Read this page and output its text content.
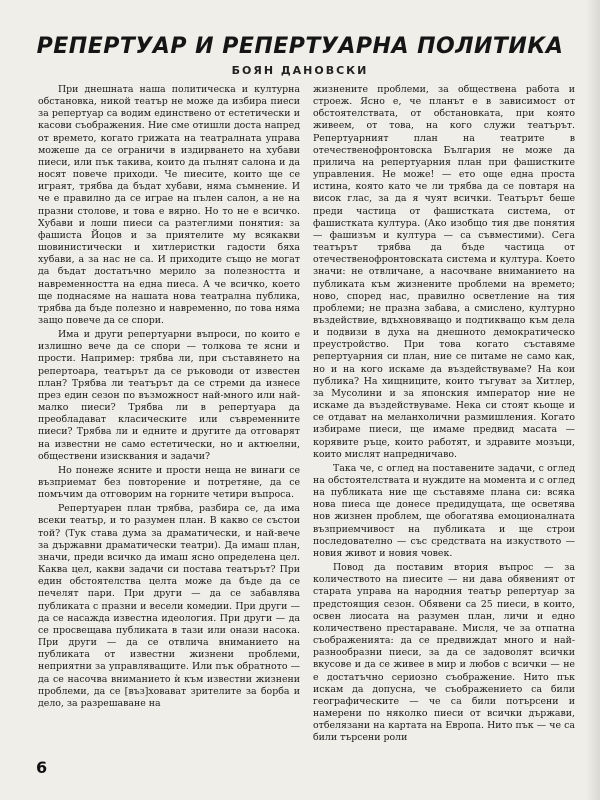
РЕПЕРТУАР И РЕПЕРТУАРНА ПОЛИТИКА
БОЯН ДАНОВСКИ

При днешната наша политическа и културна обстановка, никой театър не може да избира пиеси за репертуар са водим единствено от естетически и касови съображения. Ние сме отишли доста напред от времето, когато грижата на театралната управа можеше да се ограничи в издирването на хубави пиеси, или пък такива, които да пълнят салона и да носят повече приходи. Че пиесите, които ще се играят, трябва да бъдат хубави, няма съмнение. И че е правилно да се играе на пълен салон, а не на празни столове, и това е вярно. Но то не е всичко. Хубави и лоши пиеси са разтеглими понятия: за фашиста Йоцов и за приятелите му всякакви шовинистически и хитлеристки гадости бяха хубави, а за нас не са. И приходите също не могат да бъдат достатъчно мерило за полезността и навременността на една пиеса. А че всичко, което ще поднасяме на нашата нова театрална публика, трябва да бъде полезно и навременно, по това няма защо повече да се спори.

Има и други репертуарни въпроси, по които е излишно вече да се спори — толкова те ясни и прости. Например: трябва ли, при съставянето на репертоара, театърът да се ръководи от известен план? Трябва ли театърът да се стреми да изнесе през един сезон по възможност най-много или най-малко пиеси? Трябва ли в репертуара да преобладават класическите или съвременните пиеси? Трябва ли и едните и другите да отговарят на известни не само естетически, но и актюелни, обществени изисквания и задачи?

Но понеже ясните и прости неща не винаги се възприемат без повторение и потретяне, да се помъчим да отговорим на горните четири въпроса.

Репертуарен план трябва, разбира се, да има всеки театър, и то разумен план. В какво се състои той? (Тук става дума за драматически, и най-вече за държавни драматически театри). Да имаш план, значи, преди всичко да имаш ясно определена цел. Каква цел, какви задачи си постава театърът? При един обстоятелства целта може да бъде да се печелят пари. При други — да се забавлява публиката с празни и весели комедии. При други — да се насажда известна идеология. При други — да се просвещава публиката в тази или онази насока. При други — да се отвлича вниманието на публиката от известни жизнени проблеми, неприятни за управляващите. Или пък обратното — да се насочва вниманието ѝ към известни жизнени проблеми, да се [въз]ховават зрителите за борба и дело, за разрешаване на

жизнените проблеми, за обществена работа и строеж. Ясно е, че планът е в зависимост от обстоятелствата, от обстановката, при която живеем, от това, на кого служи театърът. Репертуарният план на театрите в отечественофронтовска България не може да прилича на репертуарния план при фашистките управления. Не може! — ето още една проста истина, която като че ли трябва да се повтаря на висок глас, за да я чуят всички. Театърът беше преди частица от фашистката система, от фашистката култура. (Ако изобщо тия две понятия — фашизъм и култура — са съвместими). Сега театърът трябва да бъде частица от отечественофронтовската система и култура. Което значи: не отвличане, а насочване вниманието на публиката към жизнените проблеми на времето; ново, според нас, правилно осветление на тия проблеми; не празна забава, а смислено, културно въздействие, вдъхновяващо и подтикващо към дела и подвизи в духа на днешното демократическо преустройство. При това когато съставяме репертуарния си план, ние се питаме не само как, но и на кого искаме да въздействуваме? На кои публика? На хищниците, които тъгуват за Хитлер, за Мусолини и за японския император ние не искаме да въздействуваме. Нека си стоят кьоще и се отдават на меланхолични размишления. Когато избираме пиеси, ще имаме предвид масата — корявите ръце, които работят, и здравите мозъци, които мислят напредничаво.

Така че, с оглед на поставените задачи, с оглед на обстоятелствата и нуждите на момента и с оглед на публиката ние ще съставяме плана си: всяка нова пиеса ще донесе предидущата, ще осветява нов жизнен проблем, ще обогатява емоционалната възприемчивост на публиката и ще строи последователно — със средствата на изкуството — новия живот и новия човек.

Повод да поставим втория въпрос — за количеството на пиесите — ни дава обявеният от старата управа на народния театър репертуар за предстоящия сезон. Обявени са 25 пиеси, в които, освен лиосата на разумен план, личи и едно количествено престараване. Мисля, че за отпатна съображенията: да се предвиждат много и най-разнообразни пиеси, за да се задоволят всички вкусове и да се живее в мир и любов с всички — не е достатъчно сериозно съображение. Нито пък искам да допусна, че съображението са били географическите — че са били потърсени и намерени по няколко пиеси от всички държави, отбелязани на картата на Европа. Нито пък — че са били търсени роли

6
